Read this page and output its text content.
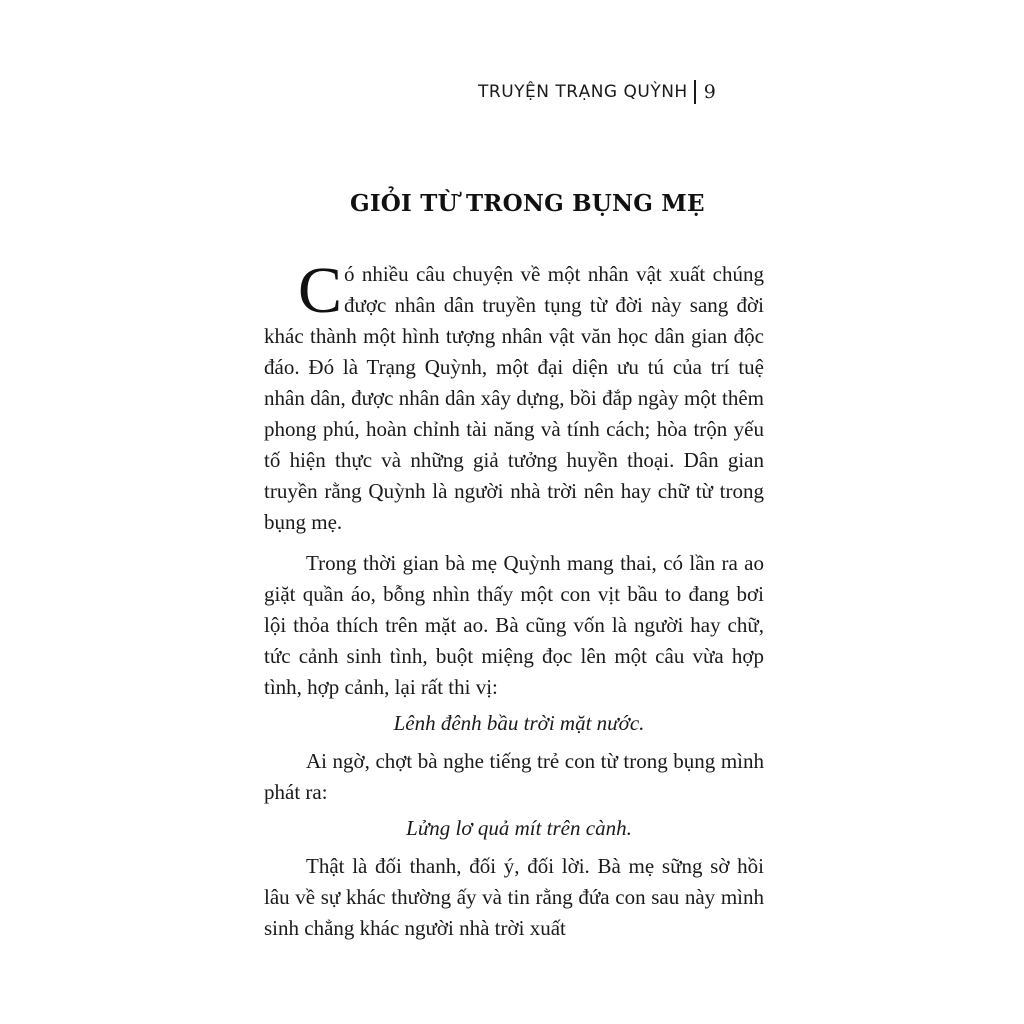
TRUYỆN TRẠNG QUỲNH 9
GIỎI TỪ TRONG BỤNG MẸ

Có nhiều câu chuyện về một nhân vật xuất chúng được nhân dân truyền tụng từ đời này sang đời khác thành một hình tượng nhân vật văn học dân gian độc đáo. Đó là Trạng Quỳnh, một đại diện ưu tú của trí tuệ nhân dân, được nhân dân xây dựng, bồi đắp ngày một thêm phong phú, hoàn chỉnh tài năng và tính cách; hòa trộn yếu tố hiện thực và những giả tưởng huyền thoại. Dân gian truyền rằng Quỳnh là người nhà trời nên hay chữ từ trong bụng mẹ.

Trong thời gian bà mẹ Quỳnh mang thai, có lần ra ao giặt quần áo, bỗng nhìn thấy một con vịt bầu to đang bơi lội thỏa thích trên mặt ao. Bà cũng vốn là người hay chữ, tức cảnh sinh tình, buột miệng đọc lên một câu vừa hợp tình, hợp cảnh, lại rất thi vị:

Lênh đênh bầu trời mặt nước.

Ai ngờ, chợt bà nghe tiếng trẻ con từ trong bụng mình phát ra:

Lửng lơ quả mít trên cành.

Thật là đối thanh, đối ý, đối lời. Bà mẹ sững sờ hồi lâu về sự khác thường ấy và tin rằng đứa con sau này mình sinh chẳng khác người nhà trời xuất
